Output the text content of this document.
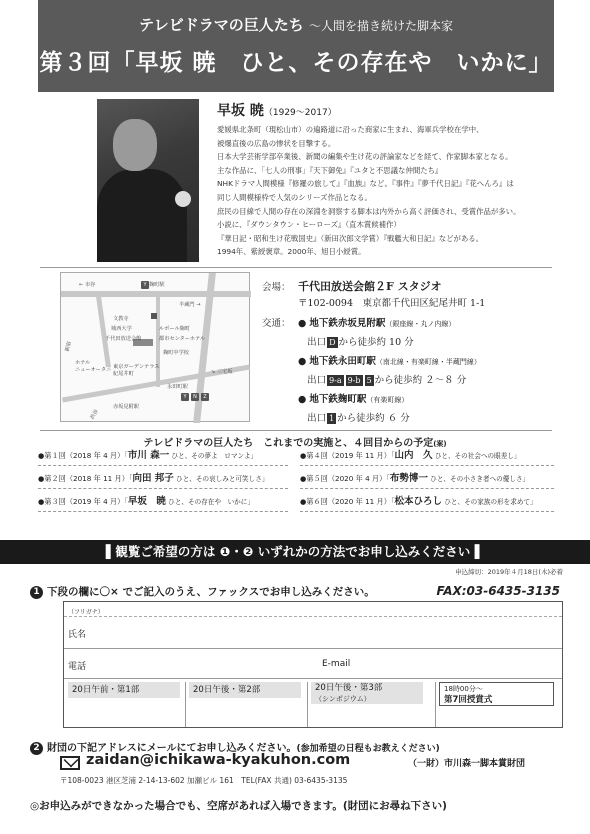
テレビドラマの巨人たち 〜人間を描き続けた脚本家
第３回「早坂 暁　ひと、その存在や　いかに」
早坂 暁（1929〜2017）
愛媛県北条町（現松山市）の遍路道に沿った商家に生まれ、海軍兵学校在学中、
被爆直後の広島の惨状を目撃する。
日本大学芸術学部卒業後、新聞の編集や生け花の評論家などを経て、作家脚本家となる。
主な作品に、「七人の刑事」『天下御免』『ユタと不思議な仲間たち』
NHKドラマ人間模様『修羅の旅して』『血族』など。『事件』『夢千代日記』『花へんろ』は
同じ人間模様枠で人気のシリーズ作品となる。
庶民の目線で人間の存在の深淵を洞察する脚本は内外から高く評価され、受賞作品が多い。
小説に、『ダウンタウン・ヒーローズ』（直木賞候補作）
『華日記・昭和生け花戦国史』（新田次郎文学賞）『戦艦大和日記』などがある。
1994年、紫綬褒章。2000年、旭日小綬賞。
← 市谷	麹町駅
半蔵門 →
文教寺
城西大学	ルポール麹町
都市センターホテル
千代田放送会館
麹町中学校
ホテル
ニューオータニ 東京ガーデンテラス
紀尾井町
永田町駅
赤坂見附駅
↘ 三宅坂
渋谷
新宿
Y	N	Z
Y	会場： 千代田放送会館２F スタジオ
〒102-0094　東京都千代田区紀尾井町 1-1
交通： ● 地下鉄赤坂見附駅（銀座線・丸ノ内線）
出口 D から徒歩約 10 分
● 地下鉄永田町駅（南北線・有楽町線・半蔵門線）
出口 9-a 9-b 5 から徒歩約 ２〜８ 分
● 地下鉄麹町駅（有楽町線）
出口 1 から徒歩約 ６ 分
テレビドラマの巨人たち　これまでの実施と、４回目からの予定(案)
●第１回（2018 年 4 月）｢市川 森一 ひと、その夢よ　ロマンよ」
●第２回（2018 年 11 月）｢向田 邦子 ひと、その哀しみと可笑しさ」
●第３回（2019 年 4 月）｢早坂　暁 ひと、その存在や　いかに」
●第４回（2019 年 11 月）｢山内　久 ひと、その社会への眼差し」
●第５回（2020 年 4 月）｢布勢博一 ひと、その小さき者への優しさ」
●第６回（2020 年 11 月）｢松本ひろし ひと、その家族の形を求めて」
▌観覧ご希望の方は ❶・❷ いずれかの方法でお申し込みください ▌
申込締切：2019年４月18日(木)必着
1 下段の欄に〇× でご記入のうえ、ファックスでお申し込みください。	FAX:03-6435-3135
（フリガナ）
氏名
電話	E-mail
20日午前・第1部	20日午後・第2部	20日午後・第3部
（シンポジウム）
18時00分〜
第7回授賞式
2 財団の下記アドレスにメールにてお申し込みください。(参加希望の日程もお教えください)
zaidan@ichikawa-kyakuhon.com	（一財）市川森一脚本賞財団
〒108-0023 港区芝浦 2-14-13-602 加瀬ビル 161　TEL(FAX 共通) 03-6435-3135
◎お申込みができなかった場合でも、空席があれば入場できます。(財団にお尋ね下さい)
